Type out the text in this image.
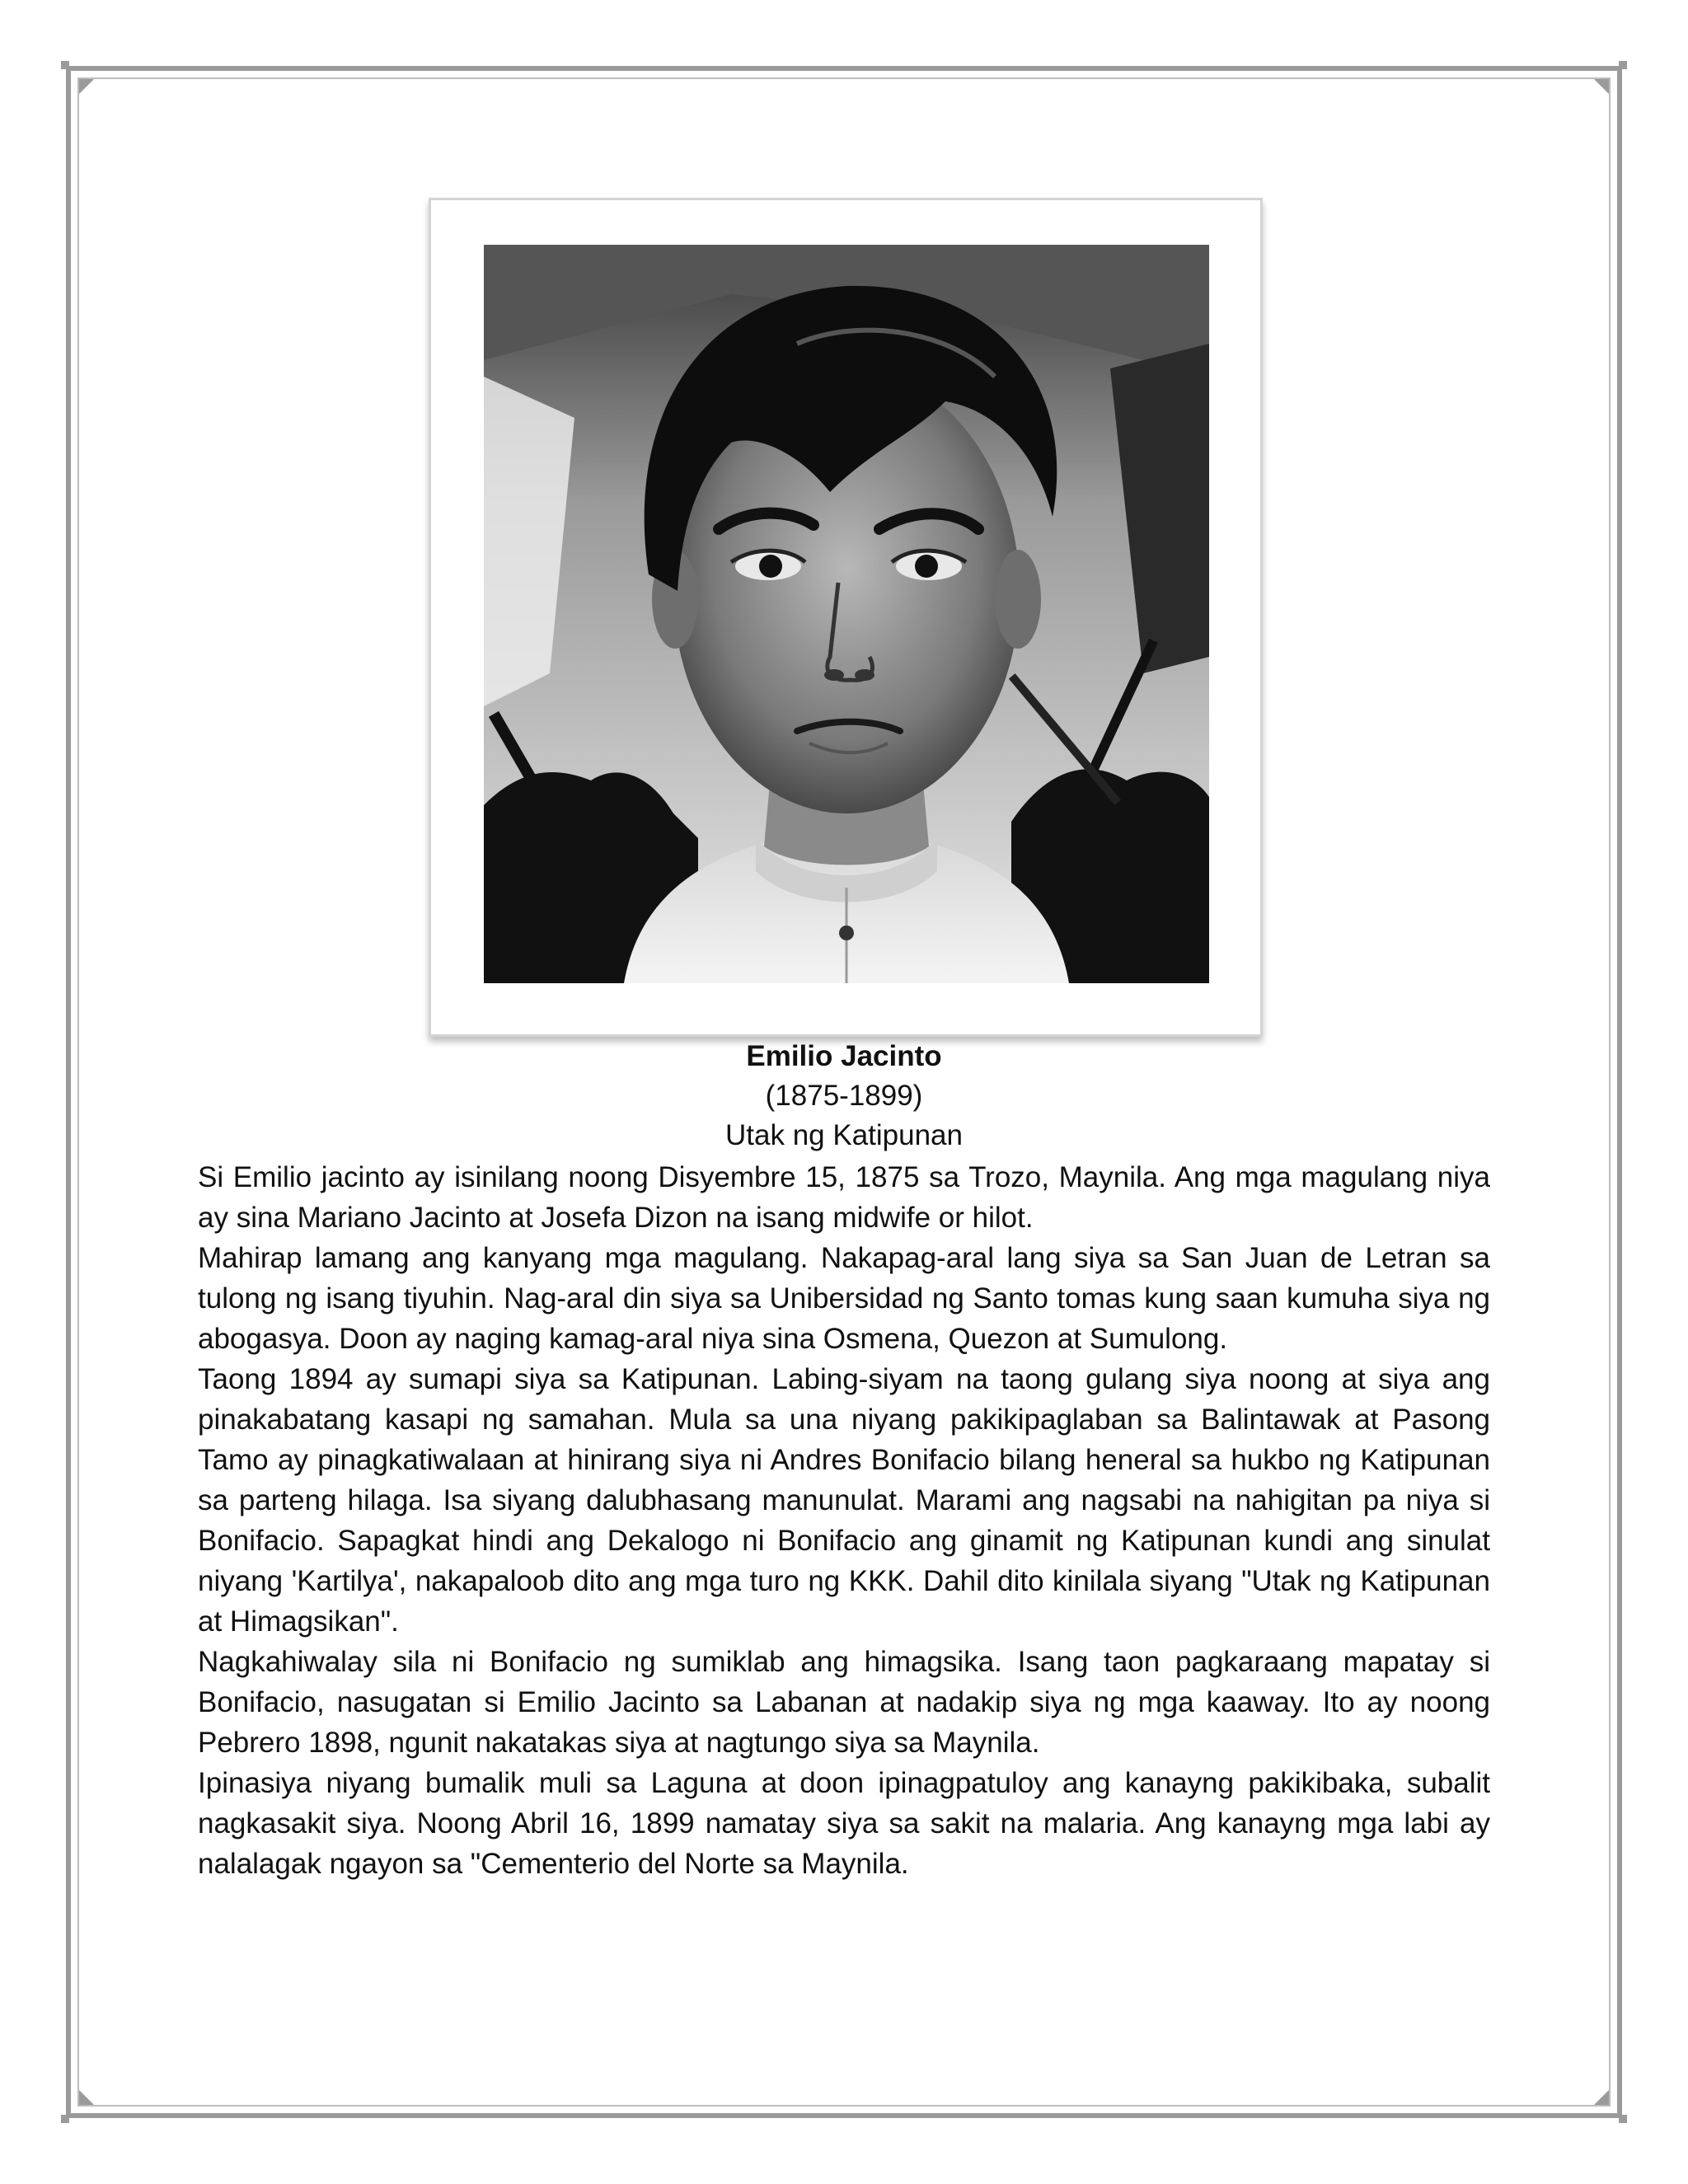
Emilio Jacinto
(1875-1899)
Utak ng Katipunan

Si Emilio jacinto ay isinilang noong Disyembre 15, 1875 sa Trozo, Maynila. Ang mga magulang niya ay sina Mariano Jacinto at Josefa Dizon na isang midwife or hilot.

Mahirap lamang ang kanyang mga magulang. Nakapag-aral lang siya sa San Juan de Letran sa tulong ng isang tiyuhin. Nag-aral din siya sa Unibersidad ng Santo tomas kung saan kumuha siya ng abogasya. Doon ay naging kamag-aral niya sina Osmena, Quezon at Sumulong.

Taong 1894 ay sumapi siya sa Katipunan. Labing-siyam na taong gulang siya noong at siya ang pinakabatang kasapi ng samahan. Mula sa una niyang pakikipaglaban sa Balintawak at Pasong Tamo ay pinagkatiwalaan at hinirang siya ni Andres Bonifacio bilang heneral sa hukbo ng Katipunan sa parteng hilaga. Isa siyang dalubhasang manunulat. Marami ang nagsabi na nahigitan pa niya si Bonifacio. Sapagkat hindi ang Dekalogo ni Bonifacio ang ginamit ng Katipunan kundi ang sinulat niyang 'Kartilya', nakapaloob dito ang mga turo ng KKK. Dahil dito kinilala siyang "Utak ng Katipunan at Himagsikan".

Nagkahiwalay sila ni Bonifacio ng sumiklab ang himagsika. Isang taon pagkaraang mapatay si Bonifacio, nasugatan si Emilio Jacinto sa Labanan at nadakip siya ng mga kaaway. Ito ay noong Pebrero 1898, ngunit nakatakas siya at nagtungo siya sa Maynila.

Ipinasiya niyang bumalik muli sa Laguna at doon ipinagpatuloy ang kanayng pakikibaka, subalit nagkasakit siya. Noong Abril 16, 1899 namatay siya sa sakit na malaria. Ang kanayng mga labi ay nalalagak ngayon sa "Cementerio del Norte sa Maynila.
